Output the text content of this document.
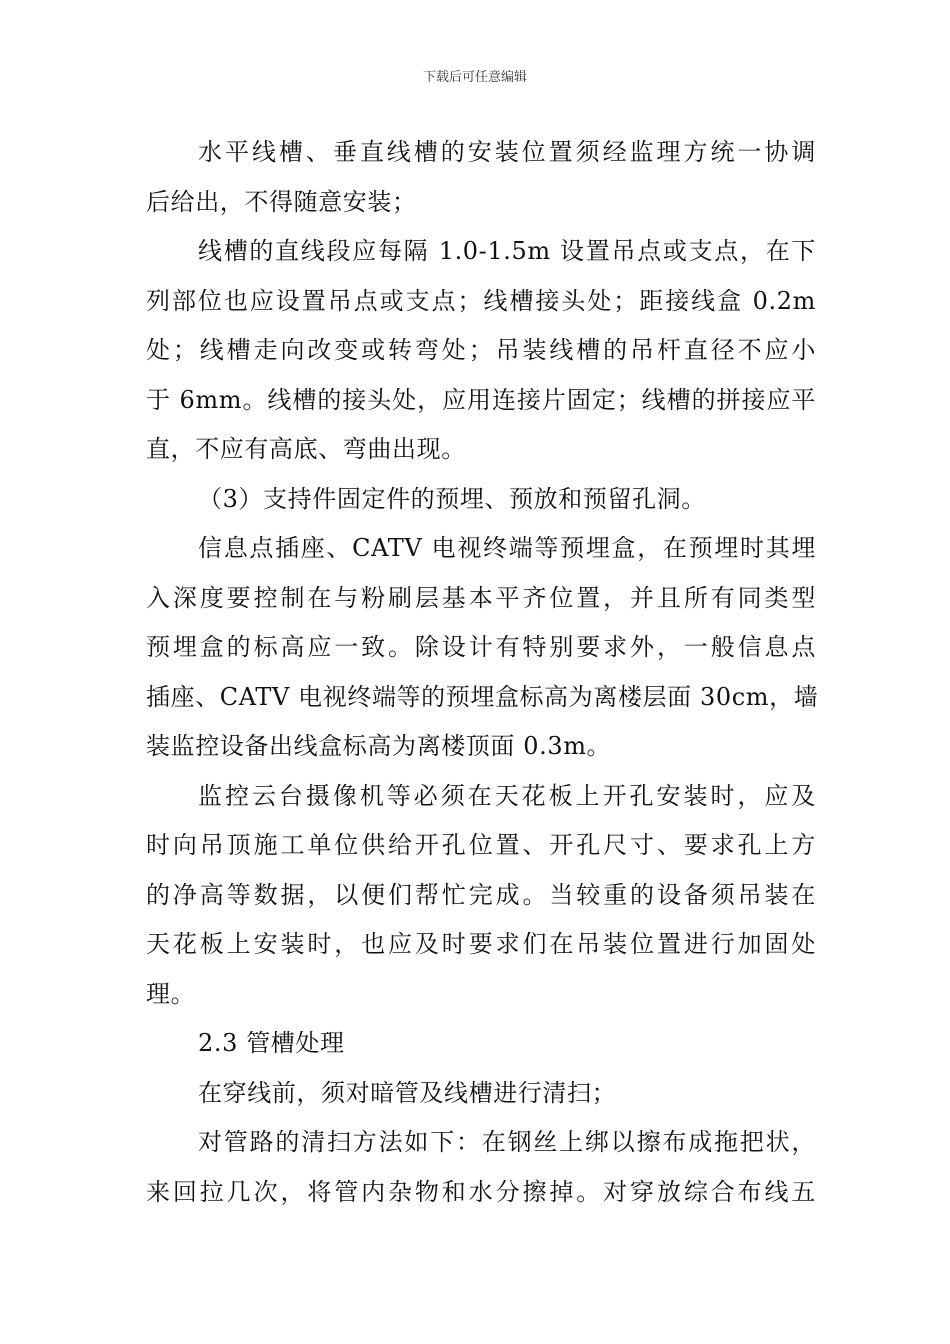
下载后可任意编辑
水平线槽、垂直线槽的安装位置须经监理方统一协调
后给出，不得随意安装；
线槽的直线段应每隔 1.0-1.5m 设置吊点或支点，在下
列部位也应设置吊点或支点；线槽接头处；距接线盒 0.2m
处；线槽走向改变或转弯处；吊装线槽的吊杆直径不应小
于 6mm。线槽的接头处，应用连接片固定；线槽的拼接应平
直，不应有高底、弯曲出现。
（3）支持件固定件的预埋、预放和预留孔洞。
信息点插座、CATV 电视终端等预埋盒，在预埋时其埋
入深度要控制在与粉刷层基本平齐位置，并且所有同类型
预埋盒的标高应一致。除设计有特别要求外，一般信息点
插座、CATV 电视终端等的预埋盒标高为离楼层面 30cm，墙
装监控设备出线盒标高为离楼顶面 0.3m。
监控云台摄像机等必须在天花板上开孔安装时，应及
时向吊顶施工单位供给开孔位置、开孔尺寸、要求孔上方
的净高等数据，以便们帮忙完成。当较重的设备须吊装在
天花板上安装时，也应及时要求们在吊装位置进行加固处
理。
2.3 管槽处理
在穿线前，须对暗管及线槽进行清扫；
对管路的清扫方法如下：在钢丝上绑以擦布成拖把状，
来回拉几次，将管内杂物和水分擦掉。对穿放综合布线五
